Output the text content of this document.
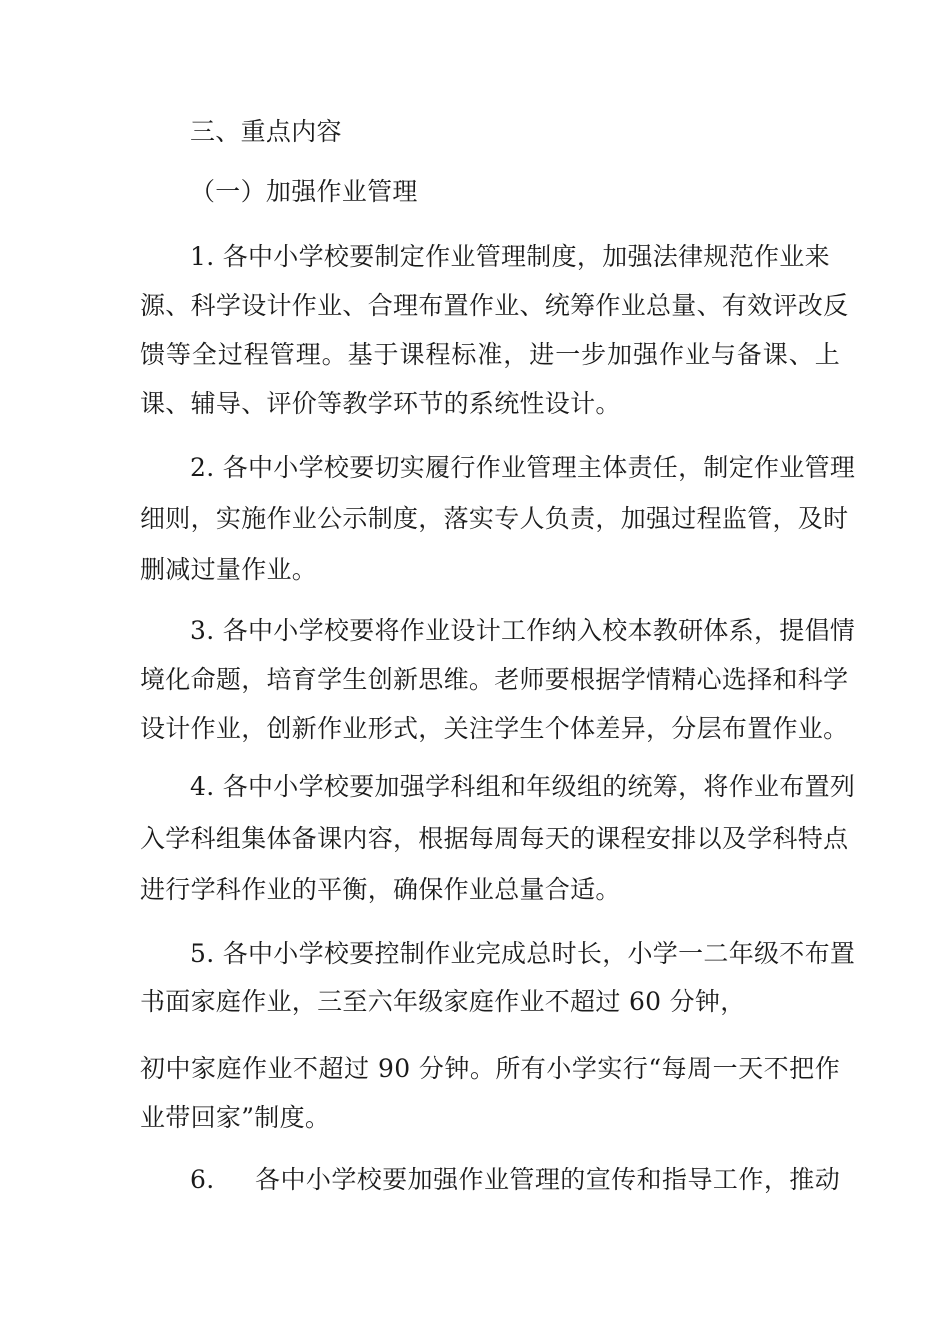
三、重点内容
（一）加强作业管理
1. 各中小学校要制定作业管理制度，加强法律规范作业来
源、科学设计作业、合理布置作业、统筹作业总量、有效评改反
馈等全过程管理。基于课程标准，进一步加强作业与备课、上
课、辅导、评价等教学环节的系统性设计。
2. 各中小学校要切实履行作业管理主体责任，制定作业管理
细则，实施作业公示制度，落实专人负责，加强过程监管，及时
删减过量作业。
3. 各中小学校要将作业设计工作纳入校本教研体系，提倡情
境化命题，培育学生创新思维。老师要根据学情精心选择和科学
设计作业，创新作业形式，关注学生个体差异，分层布置作业。
4. 各中小学校要加强学科组和年级组的统筹，将作业布置列
入学科组集体备课内容，根据每周每天的课程安排以及学科特点
进行学科作业的平衡，确保作业总量合适。
5. 各中小学校要控制作业完成总时长，小学一二年级不布置
书面家庭作业，三至六年级家庭作业不超过 60 分钟，
初中家庭作业不超过 90 分钟。所有小学实行“每周一天不把作
业带回家”制度。
6.	各中小学校要加强作业管理的宣传和指导工作，推动
